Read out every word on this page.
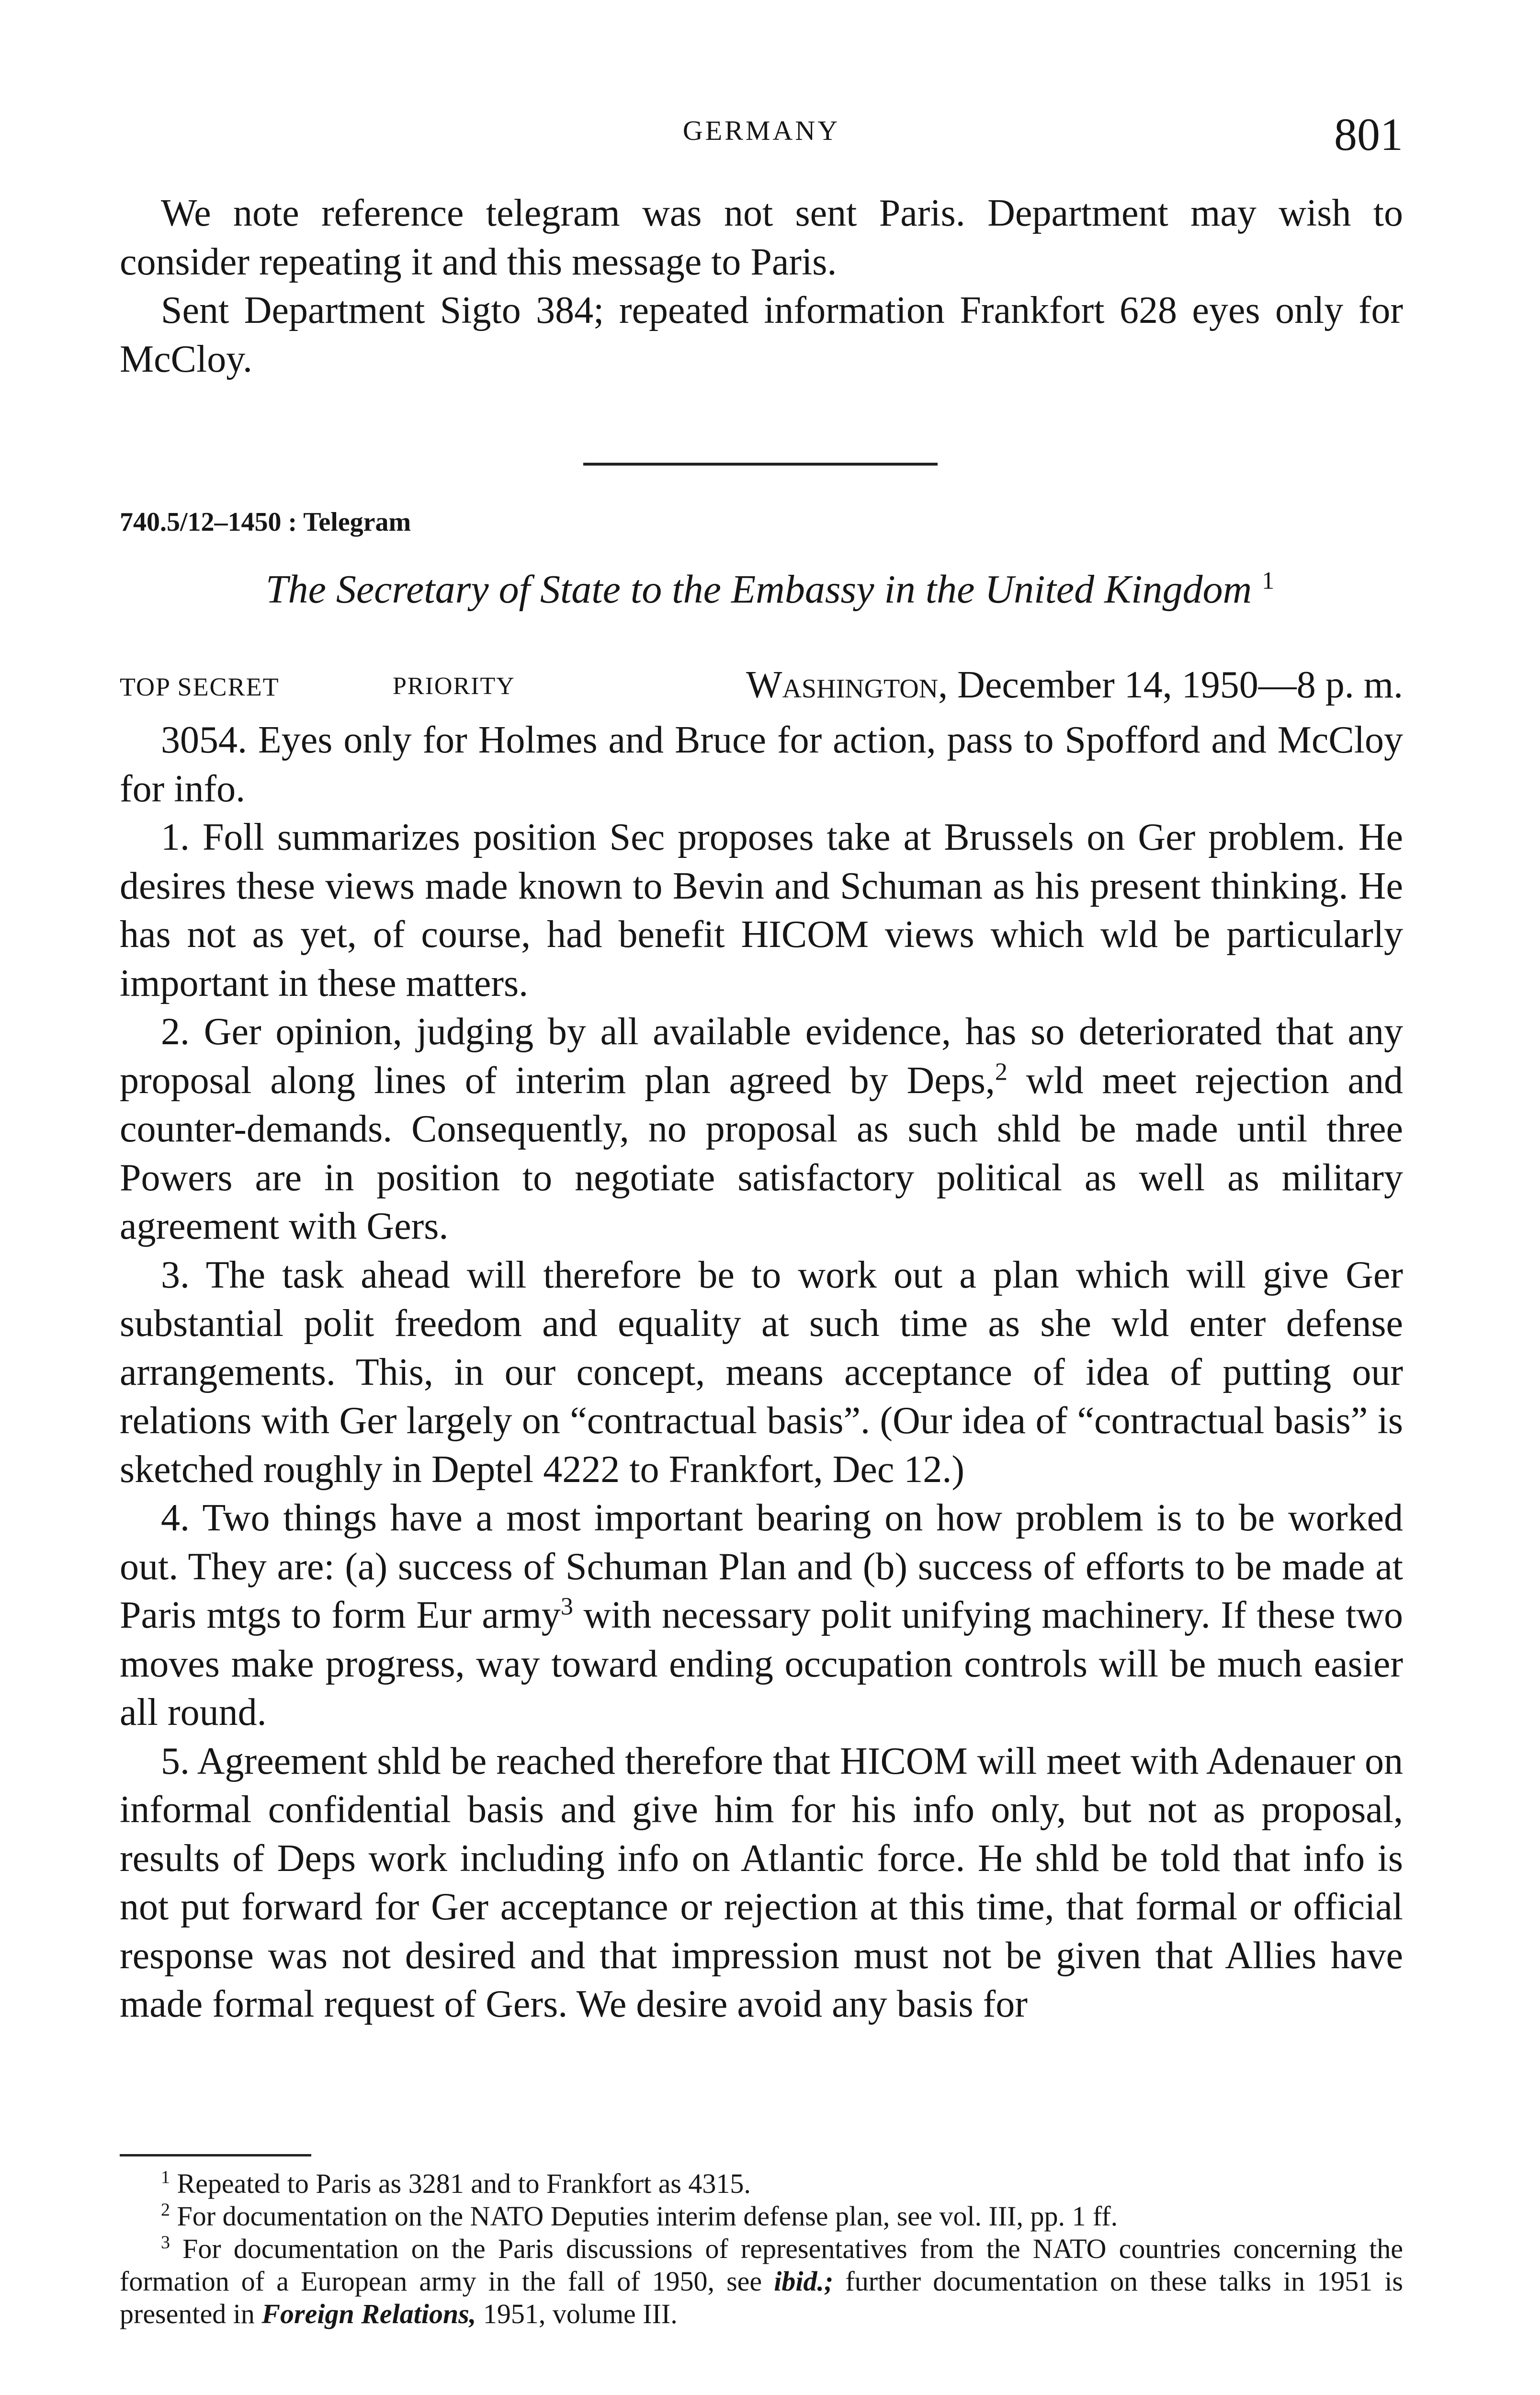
GERMANY	801

We note reference telegram was not sent Paris. Department may wish to consider repeating it and this message to Paris.

Sent Department Sigto 384; repeated information Frankfort 628 eyes only for McCloy.

740.5/12–1450 : Telegram
The Secretary of State to the Embassy in the United Kingdom $^1$
TOP SECRET	PRIORITY	Washington, December 14, 1950—8 p. m.

3054. Eyes only for Holmes and Bruce for action, pass to Spofford and McCloy for info.

1. Foll summarizes position Sec proposes take at Brussels on Ger problem. He desires these views made known to Bevin and Schuman as his present thinking. He has not as yet, of course, had benefit HICOM views which wld be particularly important in these matters.

2. Ger opinion, judging by all available evidence, has so deteriorated that any proposal along lines of interim plan agreed by Deps,$^2$ wld meet rejection and counter-demands. Consequently, no proposal as such shld be made until three Powers are in position to negotiate satisfactory political as well as military agreement with Gers.

3. The task ahead will therefore be to work out a plan which will give Ger substantial polit freedom and equality at such time as she wld enter defense arrangements. This, in our concept, means acceptance of idea of putting our relations with Ger largely on “contractual basis”. (Our idea of “contractual basis” is sketched roughly in Deptel 4222 to Frankfort, Dec 12.)

4. Two things have a most important bearing on how problem is to be worked out. They are: (a) success of Schuman Plan and (b) success of efforts to be made at Paris mtgs to form Eur army$^3$ with necessary polit unifying machinery. If these two moves make progress, way toward ending occupation controls will be much easier all round.

5. Agreement shld be reached therefore that HICOM will meet with Adenauer on informal confidential basis and give him for his info only, but not as proposal, results of Deps work including info on Atlantic force. He shld be told that info is not put forward for Ger acceptance or rejection at this time, that formal or official response was not desired and that impression must not be given that Allies have made formal request of Gers. We desire avoid any basis for

$^1$ Repeated to Paris as 3281 and to Frankfort as 4315.

$^2$ For documentation on the NATO Deputies interim defense plan, see vol. III, pp. 1 ff.

$^3$ For documentation on the Paris discussions of representatives from the NATO countries concerning the formation of a European army in the fall of 1950, see ibid.; further documentation on these talks in 1951 is presented in Foreign Relations, 1951, volume III.
